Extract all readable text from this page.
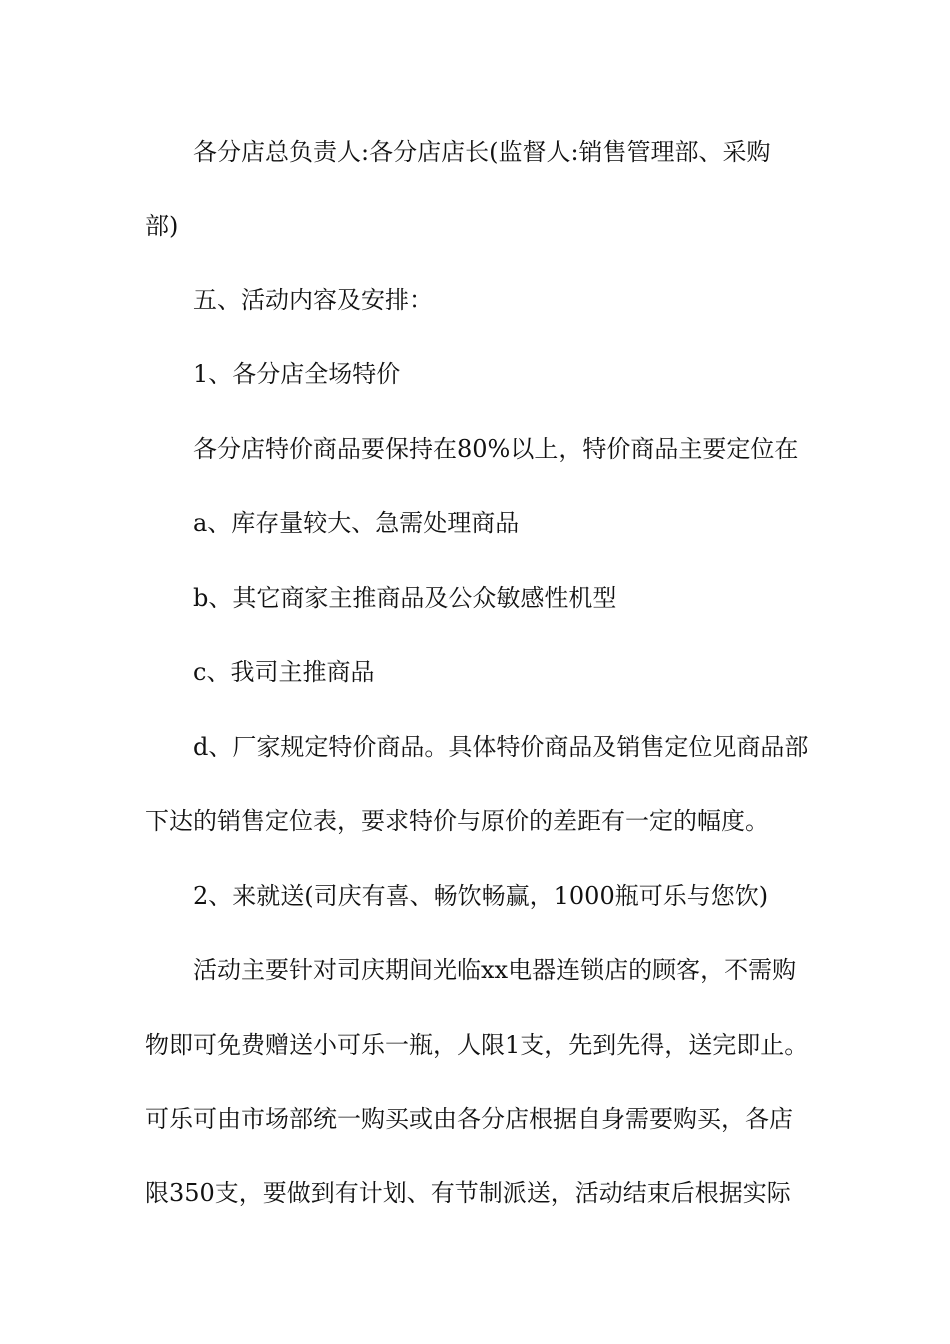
各分店总负责人:各分店店长(监督人:销售管理部、采购

部)

五、活动内容及安排：

1、各分店全场特价

各分店特价商品要保持在80%以上，特价商品主要定位在

a、库存量较大、急需处理商品

b、其它商家主推商品及公众敏感性机型

c、我司主推商品

d、厂家规定特价商品。具体特价商品及销售定位见商品部

下达的销售定位表，要求特价与原价的差距有一定的幅度。

2、来就送(司庆有喜、畅饮畅赢，1000瓶可乐与您饮)

活动主要针对司庆期间光临xx电器连锁店的顾客，不需购

物即可免费赠送小可乐一瓶，人限1支，先到先得，送完即止。

可乐可由市场部统一购买或由各分店根据自身需要购买，各店

限350支，要做到有计划、有节制派送，活动结束后根据实际
